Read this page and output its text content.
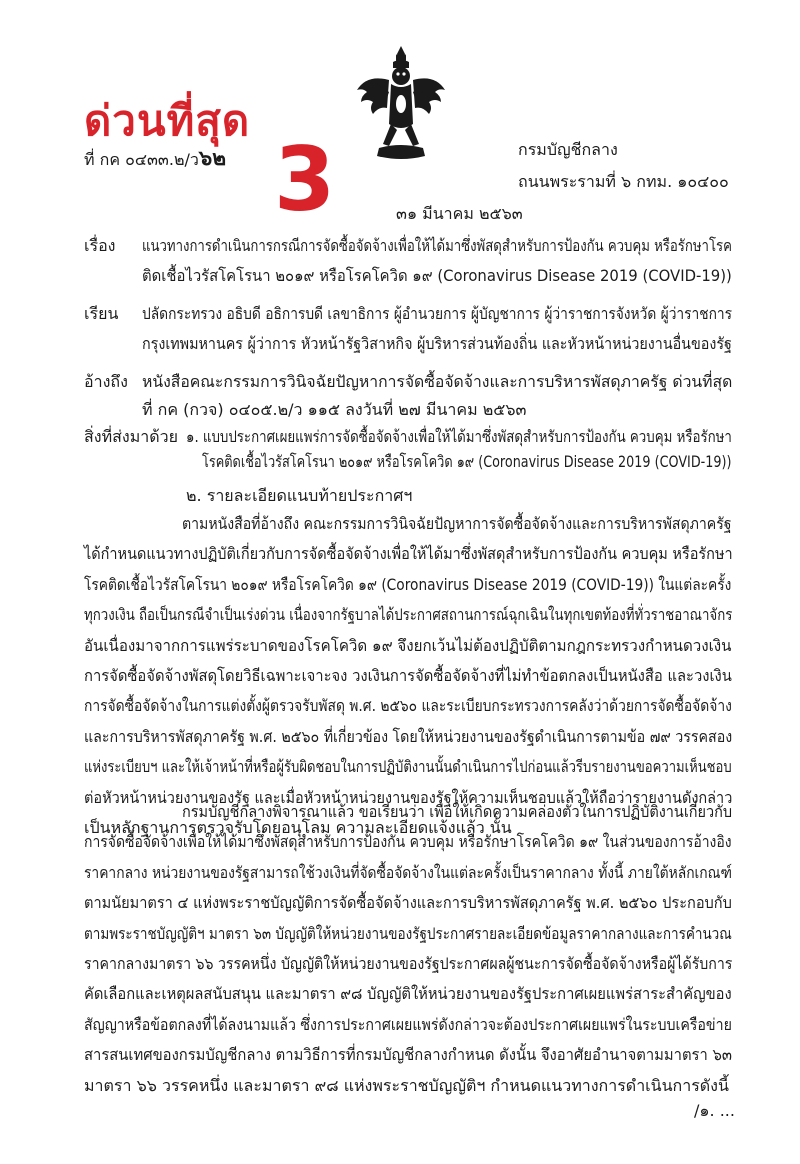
ด่วนที่สุด
ที่ กค ๐๔๓๓.๒/ว๖๒ 3	กรมบัญชีกลาง
ถนนพระรามที่ ๖ กทม. ๑๐๔๐๐
๓๑ มีนาคม ๒๕๖๓
เรื่อง แนวทางการดำเนินการกรณีการจัดซื้อจัดจ้างเพื่อให้ได้มาซึ่งพัสดุสำหรับการป้องกัน ควบคุม หรือรักษาโรค
ติดเชื้อไวรัสโคโรนา ๒๐๑๙ หรือโรคโควิด ๑๙ (Coronavirus Disease 2019 (COVID-19))
เรียน ปลัดกระทรวง อธิบดี อธิการบดี เลขาธิการ ผู้อำนวยการ ผู้บัญชาการ ผู้ว่าราชการจังหวัด ผู้ว่าราชการ
กรุงเทพมหานคร ผู้ว่าการ หัวหน้ารัฐวิสาหกิจ ผู้บริหารส่วนท้องถิ่น และหัวหน้าหน่วยงานอื่นของรัฐ
อ้างถึง หนังสือคณะกรรมการวินิจฉัยปัญหาการจัดซื้อจัดจ้างและการบริหารพัสดุภาครัฐ ด่วนที่สุด
ที่ กค (กวจ) ๐๔๐๕.๒/ว ๑๑๕ ลงวันที่ ๒๗ มีนาคม ๒๕๖๓
สิ่งที่ส่งมาด้วย ๑. แบบประกาศเผยแพร่การจัดซื้อจัดจ้างเพื่อให้ได้มาซึ่งพัสดุสำหรับการป้องกัน ควบคุม หรือรักษา
โรคติดเชื้อไวรัสโคโรนา ๒๐๑๙ หรือโรคโควิด ๑๙ (Coronavirus Disease 2019 (COVID-19))
๒. รายละเอียดแนบท้ายประกาศฯ
ตามหนังสือที่อ้างถึง คณะกรรมการวินิจฉัยปัญหาการจัดซื้อจัดจ้างและการบริหารพัสดุภาครัฐ
ได้กำหนดแนวทางปฏิบัติเกี่ยวกับการจัดซื้อจัดจ้างเพื่อให้ได้มาซึ่งพัสดุสำหรับการป้องกัน ควบคุม หรือรักษา
โรคติดเชื้อไวรัสโคโรนา ๒๐๑๙ หรือโรคโควิด ๑๙ (Coronavirus Disease 2019 (COVID-19)) ในแต่ละครั้ง
ทุกวงเงิน ถือเป็นกรณีจำเป็นเร่งด่วน เนื่องจากรัฐบาลได้ประกาศสถานการณ์ฉุกเฉินในทุกเขตท้องที่ทั่วราชอาณาจักร
อันเนื่องมาจากการแพร่ระบาดของโรคโควิด ๑๙ จึงยกเว้นไม่ต้องปฏิบัติตามกฎกระทรวงกำหนดวงเงิน
การจัดซื้อจัดจ้างพัสดุโดยวิธีเฉพาะเจาะจง วงเงินการจัดซื้อจัดจ้างที่ไม่ทำข้อตกลงเป็นหนังสือ และวงเงิน
การจัดซื้อจัดจ้างในการแต่งตั้งผู้ตรวจรับพัสดุ พ.ศ. ๒๕๖๐ และระเบียบกระทรวงการคลังว่าด้วยการจัดซื้อจัดจ้าง
และการบริหารพัสดุภาครัฐ พ.ศ. ๒๕๖๐ ที่เกี่ยวข้อง โดยให้หน่วยงานของรัฐดำเนินการตามข้อ ๗๙ วรรคสอง
แห่งระเบียบฯ และให้เจ้าหน้าที่หรือผู้รับผิดชอบในการปฏิบัติงานนั้นดำเนินการไปก่อนแล้วรีบรายงานขอความเห็นชอบ
ต่อหัวหน้าหน่วยงานของรัฐ และเมื่อหัวหน้าหน่วยงานของรัฐให้ความเห็นชอบแล้วให้ถือว่ารายงานดังกล่าว
เป็นหลักฐานการตรวจรับโดยอนุโลม ความละเอียดแจ้งแล้ว นั้น
กรมบัญชีกลางพิจารณาแล้ว ขอเรียนว่า เพื่อให้เกิดความคล่องตัวในการปฏิบัติงานเกี่ยวกับ
การจัดซื้อจัดจ้างเพื่อให้ได้มาซึ่งพัสดุสำหรับการป้องกัน ควบคุม หรือรักษาโรคโควิด ๑๙ ในส่วนของการอ้างอิง
ราคากลาง หน่วยงานของรัฐสามารถใช้วงเงินที่จัดซื้อจัดจ้างในแต่ละครั้งเป็นราคากลาง ทั้งนี้ ภายใต้หลักเกณฑ์
ตามนัยมาตรา ๔ แห่งพระราชบัญญัติการจัดซื้อจัดจ้างและการบริหารพัสดุภาครัฐ พ.ศ. ๒๕๖๐ ประกอบกับ
ตามพระราชบัญญัติฯ มาตรา ๖๓ บัญญัติให้หน่วยงานของรัฐประกาศรายละเอียดข้อมูลราคากลางและการคำนวณ
ราคากลางมาตรา ๖๖ วรรคหนึ่ง บัญญัติให้หน่วยงานของรัฐประกาศผลผู้ชนะการจัดซื้อจัดจ้างหรือผู้ได้รับการ
คัดเลือกและเหตุผลสนับสนุน และมาตรา ๙๘ บัญญัติให้หน่วยงานของรัฐประกาศเผยแพร่สาระสำคัญของ
สัญญาหรือข้อตกลงที่ได้ลงนามแล้ว ซึ่งการประกาศเผยแพร่ดังกล่าวจะต้องประกาศเผยแพร่ในระบบเครือข่าย
สารสนเทศของกรมบัญชีกลาง ตามวิธีการที่กรมบัญชีกลางกำหนด ดังนั้น จึงอาศัยอำนาจตามมาตรา ๖๓
มาตรา ๖๖ วรรคหนึ่ง และมาตรา ๙๘ แห่งพระราชบัญญัติฯ กำหนดแนวทางการดำเนินการดังนี้
/๑. ...
